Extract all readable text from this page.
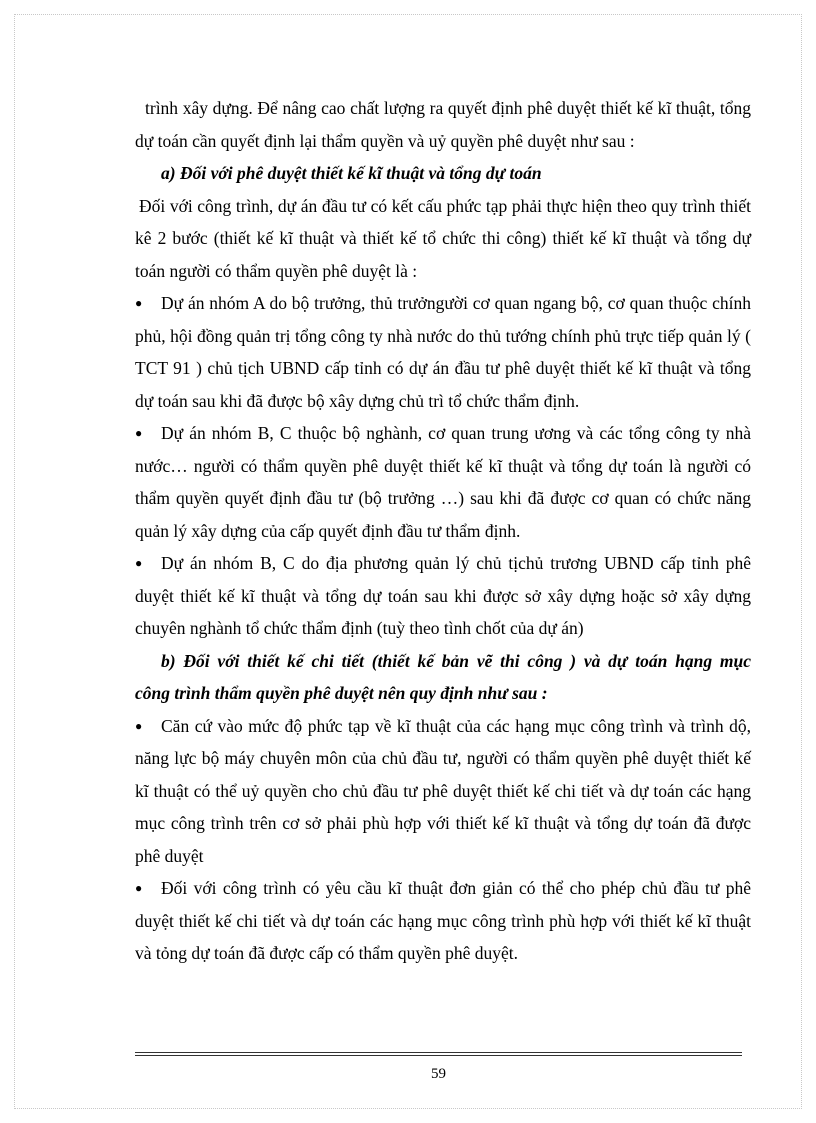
trình xây dựng. Để nâng cao chất lượng ra quyết định phê duyệt thiết kế kĩ thuật, tổng dự toán cần quyết định lại thẩm quyền và uỷ quyền phê duyệt như sau :

a) Đối với phê duyệt thiết kế kĩ thuật và tổng dự toán

Đối với công trình, dự án đầu tư có kết cấu phức tạp phải thực hiện theo quy trình thiết kê 2 bước (thiết kế kĩ thuật và thiết kế tổ chức thi công) thiết kế kĩ thuật và tổng dự toán người có thẩm quyền phê duyệt là :

● Dự án nhóm A do bộ trưởng, thủ trưởngười cơ quan ngang bộ, cơ quan thuộc chính phủ, hội đồng quản trị tổng công ty nhà nước do thủ tướng chính phủ trực tiếp quản lý ( TCT 91 ) chủ tịch UBND cấp tỉnh có dự án đầu tư phê duyệt thiết kế kĩ thuật và tổng dự toán sau khi đã được bộ xây dựng chủ trì tổ chức thẩm định.

● Dự án nhóm B, C thuộc bộ nghành, cơ quan trung ương và các tổng công ty nhà nước… người có thẩm quyền phê duyệt thiết kế kĩ thuật và tổng dự toán là người có thẩm quyền quyết định đầu tư (bộ trưởng …) sau khi đã được cơ quan có chức năng quản lý xây dựng của cấp quyết định đầu tư thẩm định.

● Dự án nhóm B, C do địa phương quản lý chủ tịchủ trương UBND cấp tỉnh phê duyệt thiết kế kĩ thuật và tổng dự toán sau khi được sở xây dựng hoặc sở xây dựng chuyên nghành tổ chức thẩm định (tuỳ theo tình chốt của dự án)

b) Đối với thiết kế chi tiết (thiết kế bản vẽ thi công ) và dự toán hạng mục

công trình thẩm quyền phê duyệt nên quy định như sau :

● Căn cứ vào mức độ phức tạp về kĩ thuật của các hạng mục công trình và trình dộ, năng lực bộ máy chuyên môn của chủ đầu tư, người có thẩm quyền phê duyệt thiết kế kĩ thuật có thể uỷ quyền cho chủ đầu tư phê duyệt thiết kế chi tiết và dự toán các hạng mục công trình trên cơ sở phải phù hợp với thiết kế kĩ thuật và tổng dự toán đã được phê duyệt

● Đối với công trình có yêu cầu kĩ thuật đơn giản có thể cho phép chủ đầu tư phê duyệt thiết kế chi tiết và dự toán các hạng mục công trình phù hợp với thiết kế kĩ thuật và tỏng dự toán đã được cấp có thẩm quyền phê duyệt.

59
